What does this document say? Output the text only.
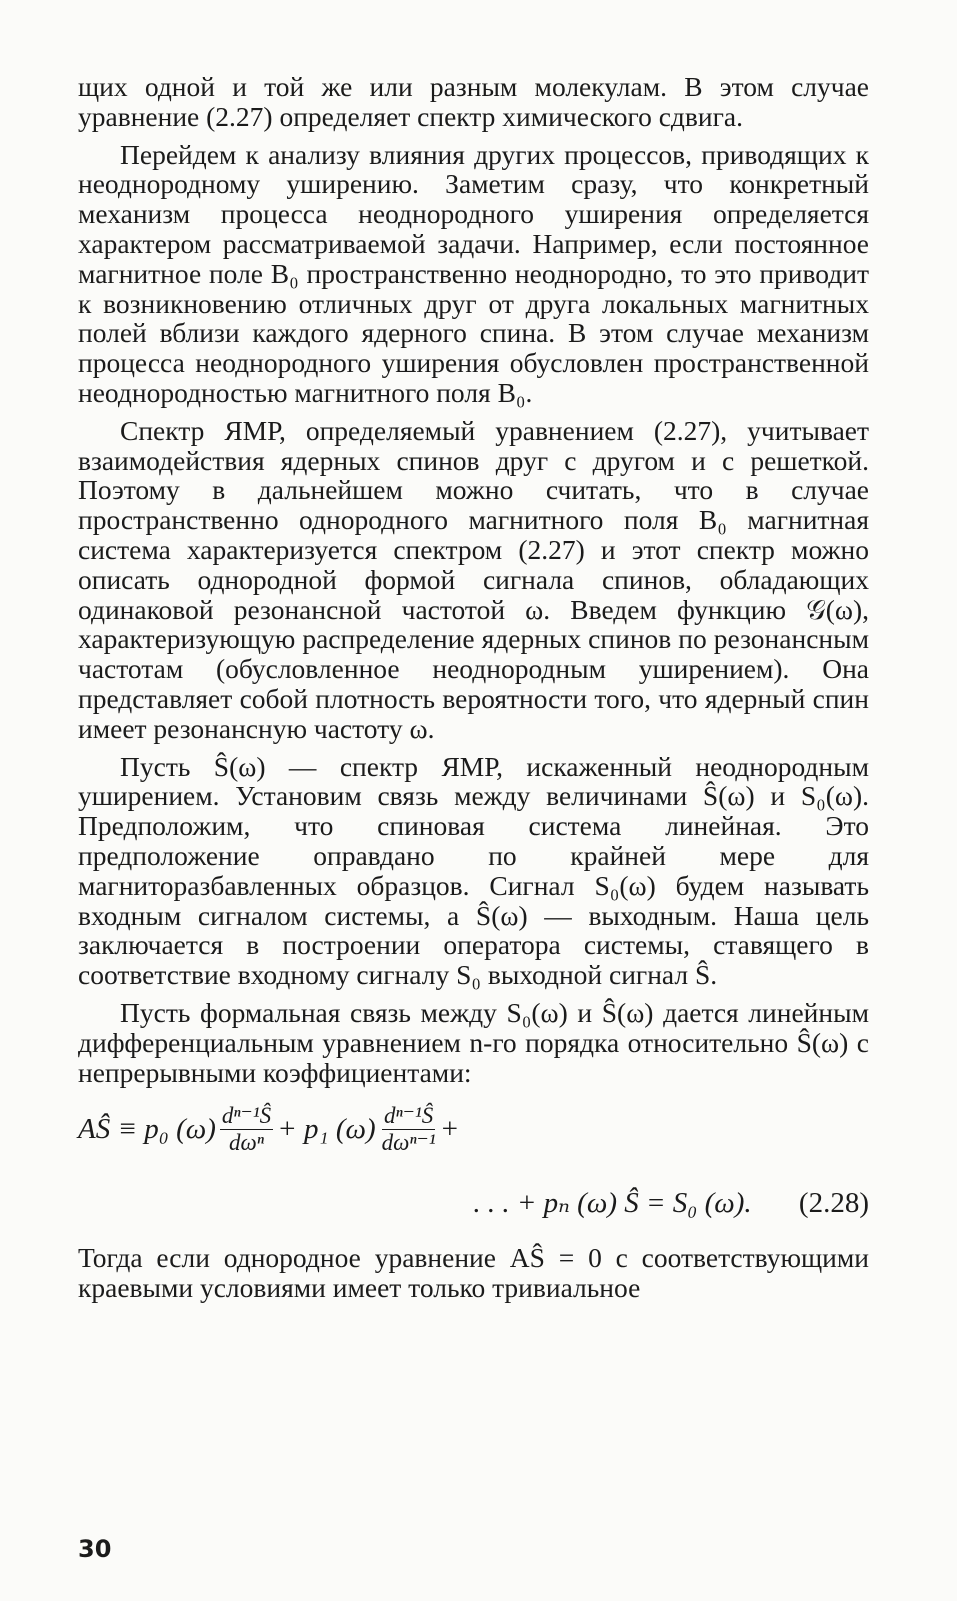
щих одной и той же или разным молекулам. В этом случае уравнение (2.27) определяет спектр химического сдвига.

Перейдем к анализу влияния других процессов, приводящих к неоднородному уширению. Заметим сразу, что конкретный механизм процесса неоднородного уширения определяется характером рассматриваемой задачи. Например, если постоянное магнитное поле B₀ пространственно неоднородно, то это приводит к возникновению отличных друг от друга локальных магнитных полей вблизи каждого ядерного спина. В этом случае механизм процесса неоднородного уширения обусловлен пространственной неоднородностью магнитного поля B₀.

Спектр ЯМР, определяемый уравнением (2.27), учитывает взаимодействия ядерных спинов друг с другом и с решеткой. Поэтому в дальнейшем можно считать, что в случае пространственно однородного магнитного поля B₀ магнитная система характеризуется спектром (2.27) и этот спектр можно описать однородной формой сигнала спинов, обладающих одинаковой резонансной частотой ω. Введем функцию 𝒢(ω), характеризующую распределение ядерных спинов по резонансным частотам (обусловленное неоднородным уширением). Она представляет собой плотность вероятности того, что ядерный спин имеет резонансную частоту ω.

Пусть Ŝ(ω) — спектр ЯМР, искаженный неоднородным уширением. Установим связь между величинами Ŝ(ω) и S₀(ω). Предположим, что спиновая система линейная. Это предположение оправдано по крайней мере для магниторазбавленных образцов. Сигнал S₀(ω) будем называть входным сигналом системы, а Ŝ(ω) — выходным. Наша цель заключается в построении оператора системы, ставящего в соответствие входному сигналу S₀ выходной сигнал Ŝ.

Пусть формальная связь между S₀(ω) и Ŝ(ω) дается линейным дифференциальным уравнением n-го порядка относительно Ŝ(ω) с непрерывными коэффициентами:

AŜ ≡ p₀ $(\omega) \frac{\text{dⁿ⁻¹Ŝ}}{\text{dωⁿ}} + p_1$ $(\omega) \frac{\text{dⁿ⁻¹Ŝ}}{\text{dωⁿ⁻¹}}$ +
. . . + pₙ (ω) Ŝ = S₀ (ω). (2.28)

Тогда если однородное уравнение AŜ = 0 с соответствующими краевыми условиями имеет только тривиальное

30
